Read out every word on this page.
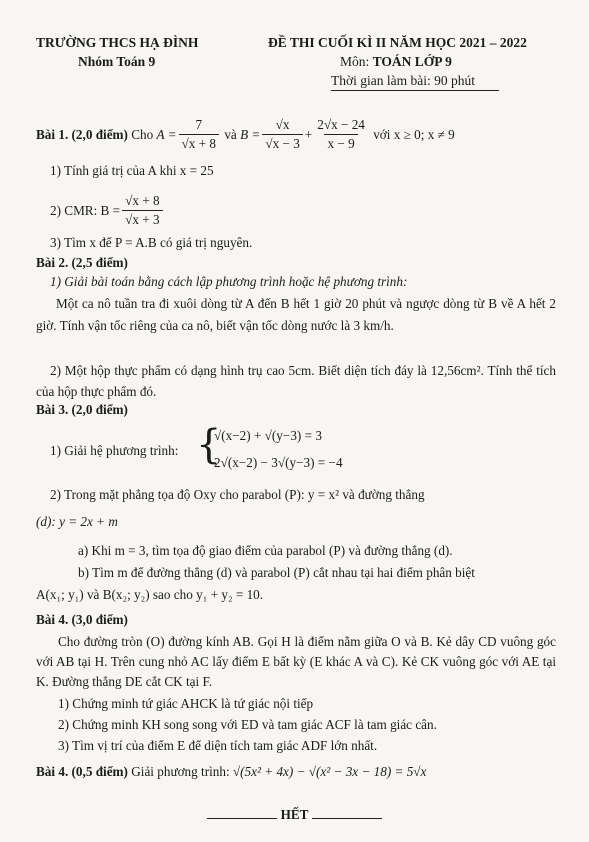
TRƯỜNG THCS HẠ ĐÌNH
Nhóm Toán 9
ĐỀ THI CUỐI KÌ II NĂM HỌC 2021 – 2022
Môn: TOÁN LỚP 9
Thời gian làm bài: 90 phút
Bài 1. (2,0 điểm)
Cho
$A = \frac{7}{√x + 8}$
và
$B = \frac{√x}{√x - 3} + \frac{2√x - 24}{x - 9}$
với x ≥ 0; x ≠ 9
1) Tính giá trị của A khi x = 25
2) CMR: $B = \frac{√x + 8}{√x + 3}$
3) Tìm x để P = A.B có giá trị nguyên.
Bài 2. (2,5 điểm)
1) Giải bài toán bằng cách lập phương trình hoặc hệ phương trình:
Một ca nô tuần tra đi xuôi dòng từ A đến B hết 1 giờ 20 phút và ngược dòng từ B về A hết 2 giờ. Tính vận tốc riêng của ca nô, biết vận tốc dòng nước là 3 km/h.
2) Một hộp thực phẩm có dạng hình trụ cao 5cm. Biết diện tích đáy là 12,56cm². Tính thể tích của hộp thực phẩm đó.
Bài 3. (2,0 điểm)
1) Giải hệ phương trình: {
√(x−2) + √(y−3) = 3
2√(x−2) − 3√(y−3) = −4
2) Trong mặt phẳng tọa độ Oxy cho parabol (P): y = x² và đường thẳng
(d): y = 2x + m
a) Khi m = 3, tìm tọa độ giao điểm của parabol (P) và đường thẳng (d).
b) Tìm m để đường thẳng (d) và parabol (P) cắt nhau tại hai điểm phân biệt
A(x₁; y₁) và B(x₂; y₂) sao cho y₁ + y₂ = 10.
Bài 4. (3,0 điểm)
Cho đường tròn (O) đường kính AB. Gọi H là điểm nằm giữa O và B. Kẻ dây CD vuông góc với AB tại H. Trên cung nhỏ AC lấy điểm E bất kỳ (E khác A và C). Kẻ CK vuông góc với AE tại K. Đường thẳng DE cắt CK tại F.
1) Chứng minh tứ giác AHCK là tứ giác nội tiếp
2) Chứng minh KH song song với ED và tam giác ACF là tam giác cân.
3) Tìm vị trí của điểm E để diện tích tam giác ADF lớn nhất.
Bài 4. (0,5 điểm) Giải phương trình: √(5x² + 4x) − √(x² − 3x − 18) = 5√x
HẾT
